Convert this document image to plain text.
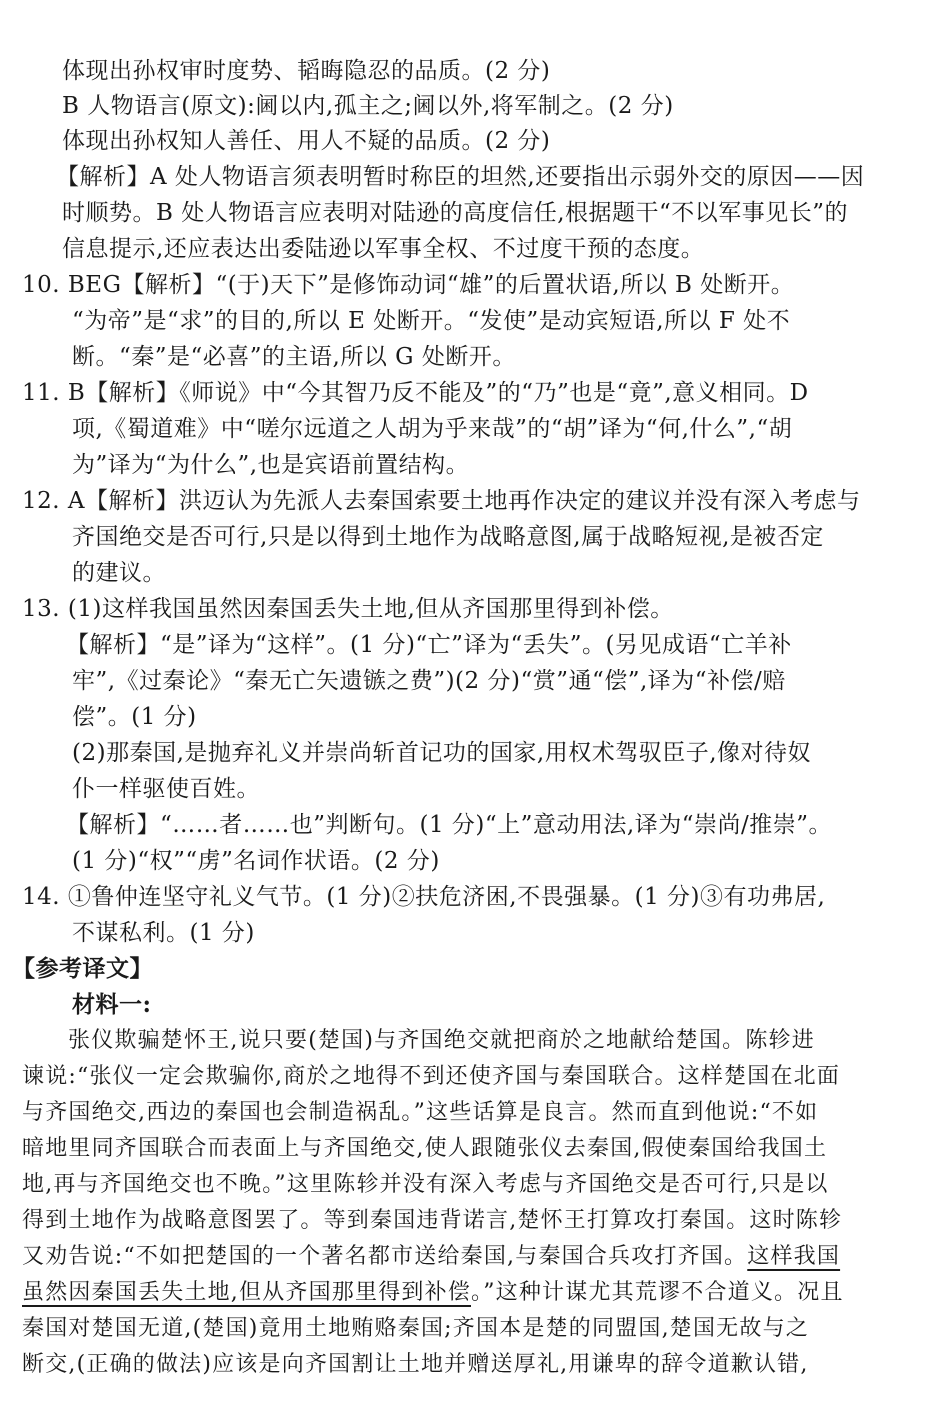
体现出孙权审时度势、韬晦隐忍的品质。(2 分)
B 人物语言(原文):阃以内,孤主之;阃以外,将军制之。(2 分)
体现出孙权知人善任、用人不疑的品质。(2 分)
【解析】A 处人物语言须表明暂时称臣的坦然,还要指出示弱外交的原因——因
时顺势。B 处人物语言应表明对陆逊的高度信任,根据题干“不以军事见长”的
信息提示,还应表达出委陆逊以军事全权、不过度干预的态度。
10. BEG【解析】“(于)天下”是修饰动词“雄”的后置状语,所以 B 处断开。
“为帝”是“求”的目的,所以 E 处断开。“发使”是动宾短语,所以 F 处不
断。“秦”是“必喜”的主语,所以 G 处断开。
11. B【解析】《师说》中“今其智乃反不能及”的“乃”也是“竟”,意义相同。D
项,《蜀道难》中“嗟尔远道之人胡为乎来哉”的“胡”译为“何,什么”,“胡
为”译为“为什么”,也是宾语前置结构。
12. A【解析】洪迈认为先派人去秦国索要土地再作决定的建议并没有深入考虑与
齐国绝交是否可行,只是以得到土地作为战略意图,属于战略短视,是被否定
的建议。
13. (1)这样我国虽然因秦国丢失土地,但从齐国那里得到补偿。
【解析】“是”译为“这样”。(1 分)“亡”译为“丢失”。(另见成语“亡羊补
牢”,《过秦论》“秦无亡矢遗镞之费”)(2 分)“赏”通“偿”,译为“补偿/赔
偿”。(1 分)
(2)那秦国,是抛弃礼义并崇尚斩首记功的国家,用权术驾驭臣子,像对待奴
仆一样驱使百姓。
【解析】“……者……也”判断句。(1 分)“上”意动用法,译为“崇尚/推崇”。
(1 分)“权”“虏”名词作状语。(2 分)
14. ①鲁仲连坚守礼义气节。(1 分)②扶危济困,不畏强暴。(1 分)③有功弗居,
不谋私利。(1 分)
【参考译文】
材料一:
张仪欺骗楚怀王,说只要(楚国)与齐国绝交就把商於之地献给楚国。陈轸进
谏说:“张仪一定会欺骗你,商於之地得不到还使齐国与秦国联合。这样楚国在北面
与齐国绝交,西边的秦国也会制造祸乱。”这些话算是良言。然而直到他说:“不如
暗地里同齐国联合而表面上与齐国绝交,使人跟随张仪去秦国,假使秦国给我国土
地,再与齐国绝交也不晚。”这里陈轸并没有深入考虑与齐国绝交是否可行,只是以
得到土地作为战略意图罢了。等到秦国违背诺言,楚怀王打算攻打秦国。这时陈轸
又劝告说:“不如把楚国的一个著名都市送给秦国,与秦国合兵攻打齐国。这样我国
虽然因秦国丢失土地,但从齐国那里得到补偿。”这种计谋尤其荒谬不合道义。况且
秦国对楚国无道,(楚国)竟用土地贿赂秦国;齐国本是楚的同盟国,楚国无故与之
断交,(正确的做法)应该是向齐国割让土地并赠送厚礼,用谦卑的辞令道歉认错,
